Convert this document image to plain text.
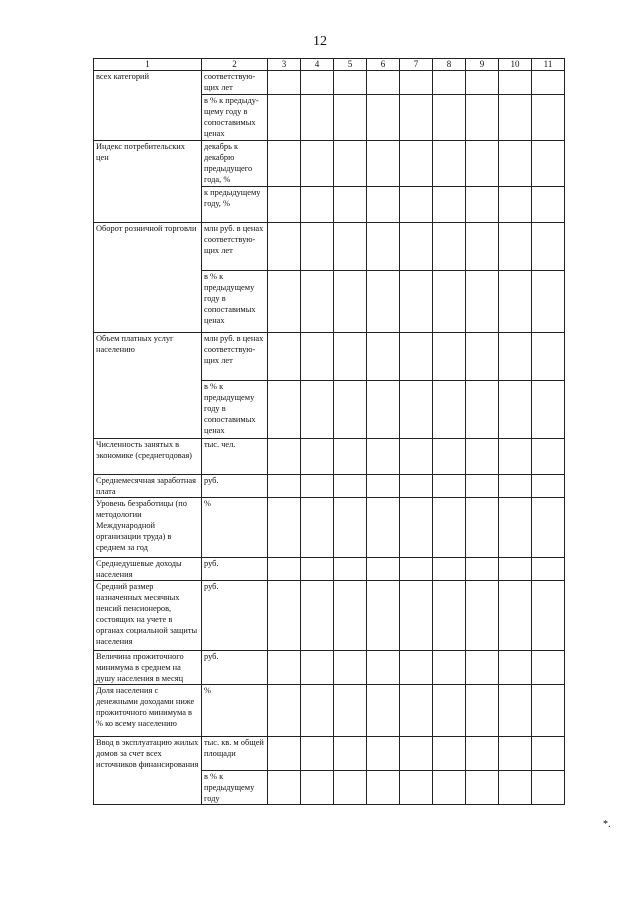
12
1	2	3	4	5	6	7	8	9	10	11
всех категорий	соответствую-щих лет									
	в % к предыду-щему году в сопоставимых ценах									
Индекс потребительских цен	декабрь к декабрю предыдущего года, %									
	к предыдущему году, %									
Оборот розничной торговли	млн руб. в ценах соответствую-щих лет									
	в % к предыдущему году в сопоставимых ценах									
Объем платных услуг населению	млн руб. в ценах соответствую-щих лет									
	в % к предыдущему году в сопоставимых ценах									
Численность занятых в экономике (среднегодовая)	тыс. чел.									
Среднемесячная заработная плата	руб.									
Уровень безработицы (по методологии Международной организации труда) в среднем за год	%									
Среднедушевые доходы населения	руб.									
Средний размер назначенных месячных пенсий пенсионеров, состоящих на учете в органах социальной защиты населения	руб.									
Величина прожиточного минимума в среднем на душу населения в месяц	руб.									
Доля населения с денежными доходами ниже прожиточного минимума в % ко всему населению	%									
Ввод в эксплуатацию жилых домов за счет всех источников финансирования	тыс. кв. м общей площади									
	в % к предыдущему году									
*.
